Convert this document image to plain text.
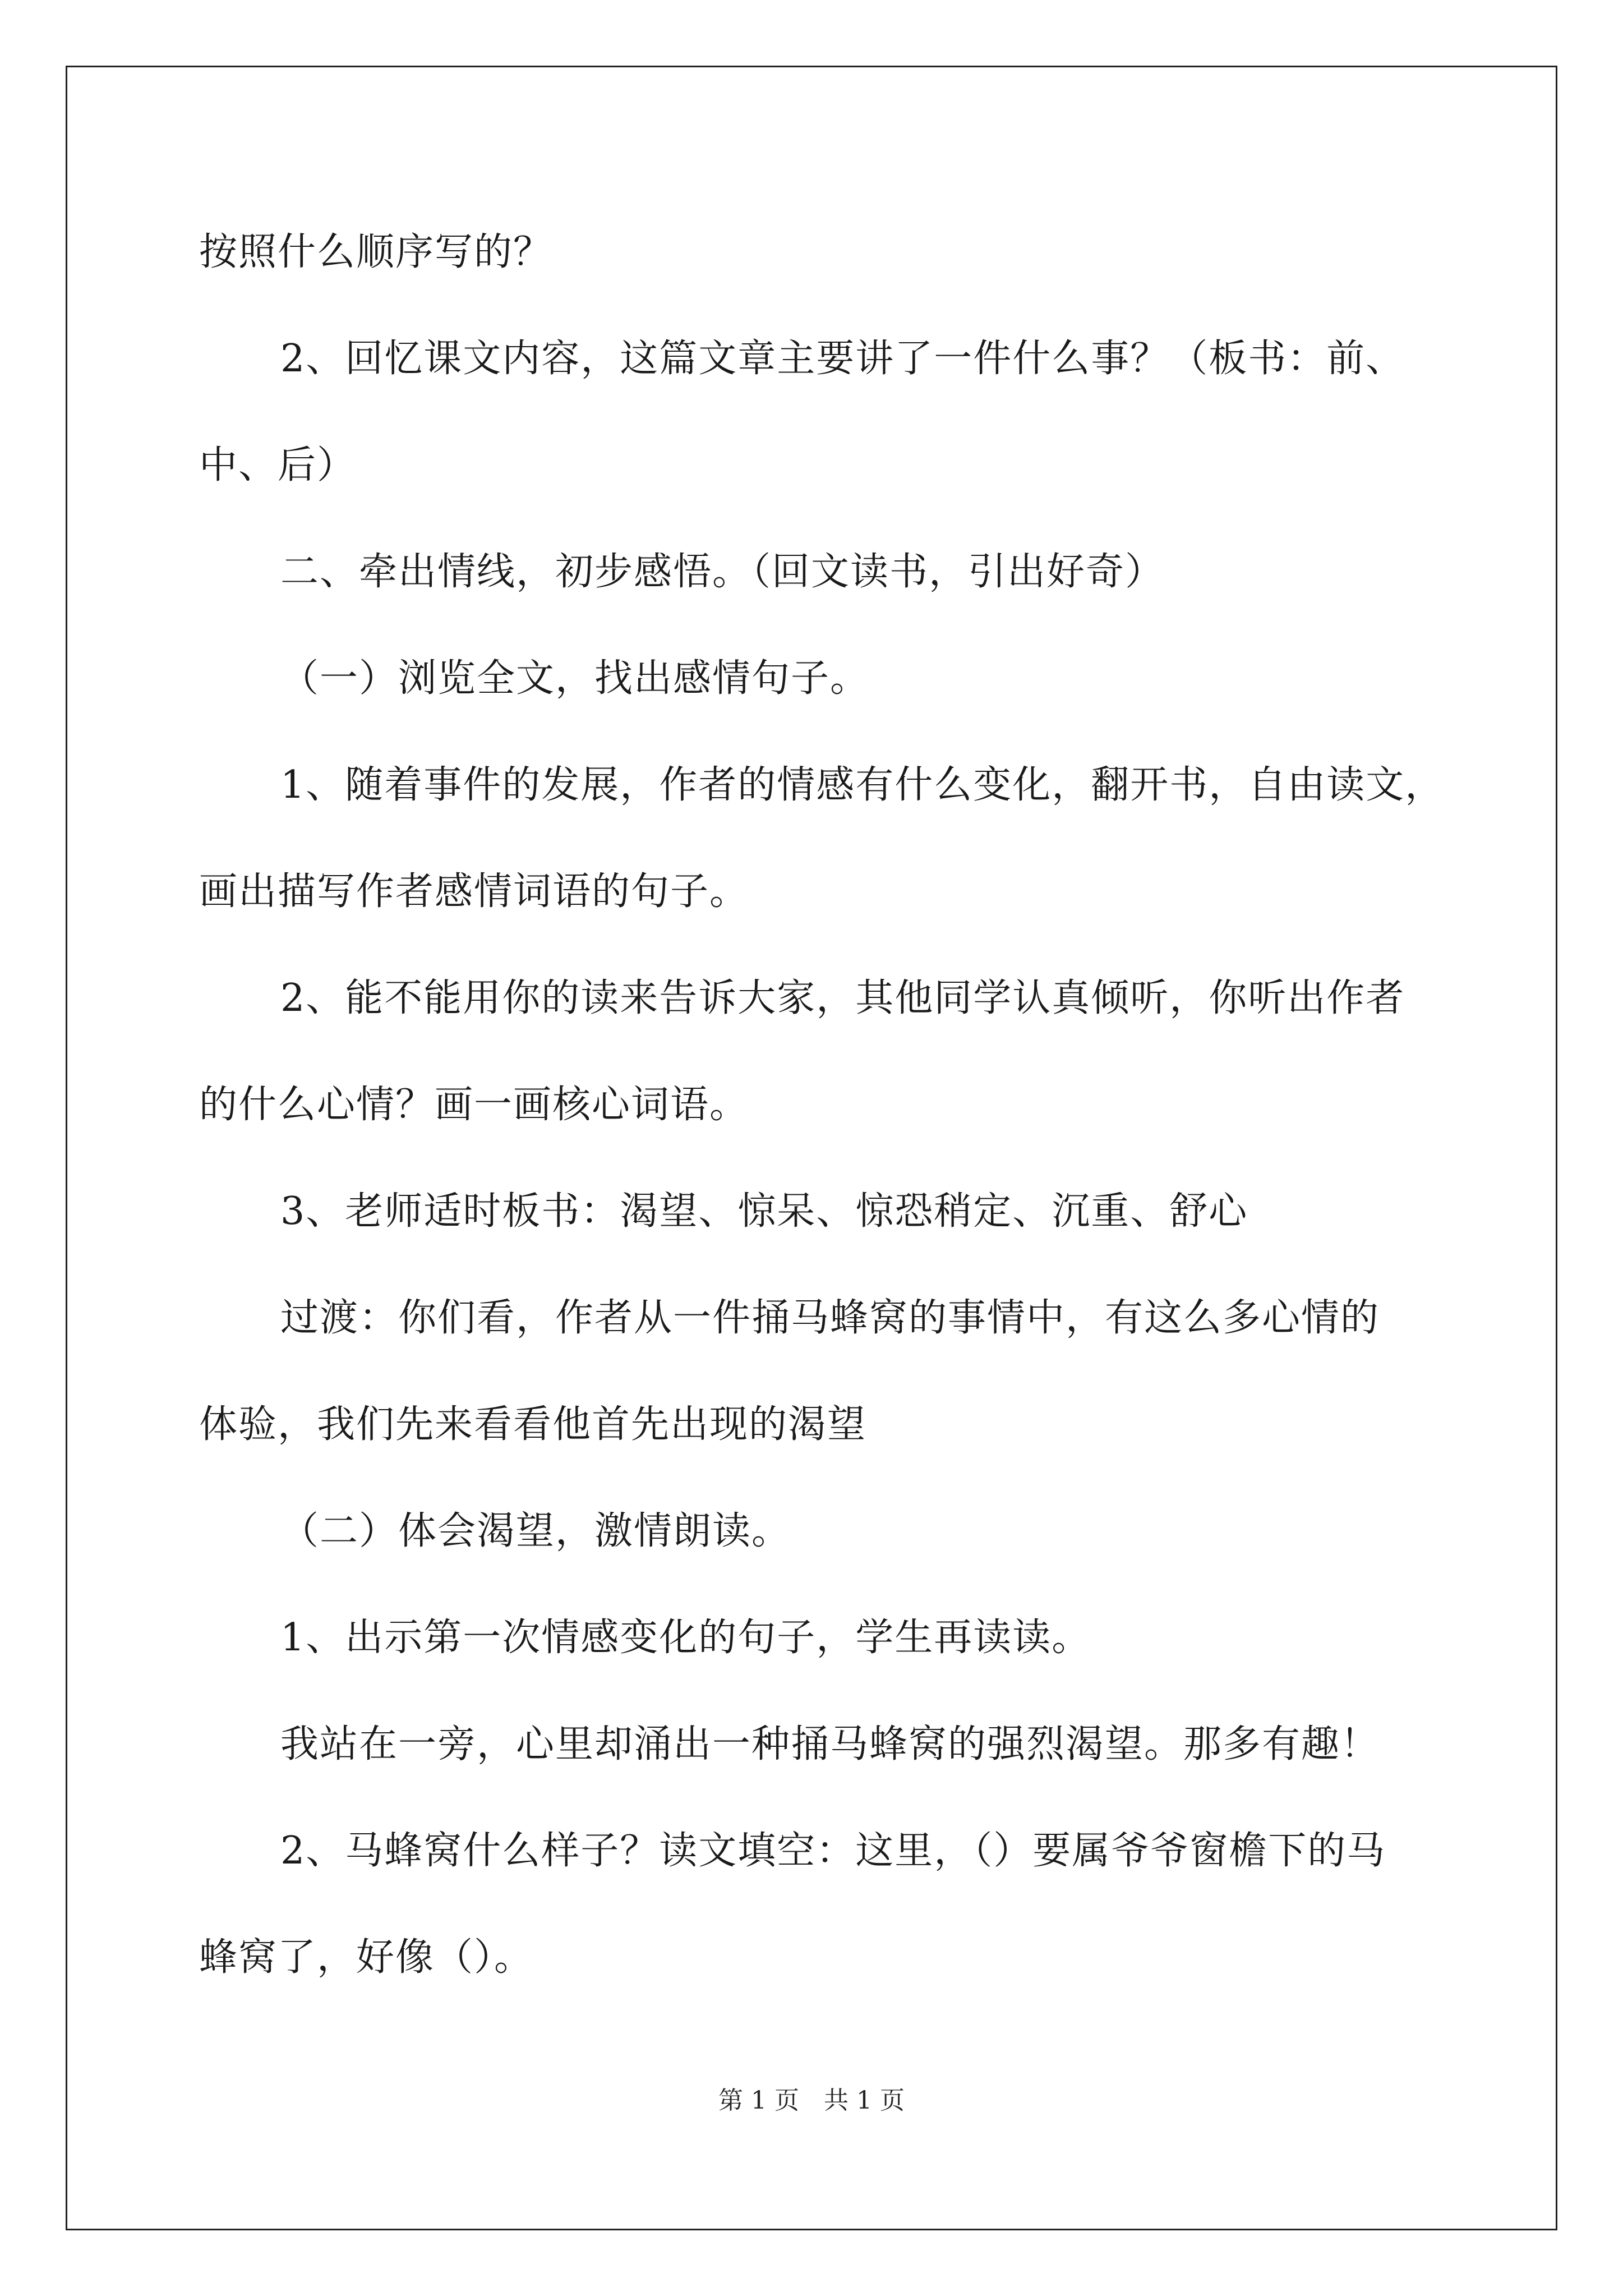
按照什么顺序写的？
2、回忆课文内容，这篇文章主要讲了一件什么事？（板书：前、
中、后）
二、牵出情线，初步感悟。（回文读书，引出好奇）
（一）浏览全文，找出感情句子。
1、随着事件的发展，作者的情感有什么变化，翻开书，自由读文，
画出描写作者感情词语的句子。
2、能不能用你的读来告诉大家，其他同学认真倾听，你听出作者
的什么心情？画一画核心词语。
3、老师适时板书：渴望、惊呆、惊恐稍定、沉重、舒心
过渡：你们看，作者从一件捅马蜂窝的事情中，有这么多心情的
体验，我们先来看看他首先出现的渴望
（二）体会渴望，激情朗读。
1、出示第一次情感变化的句子，学生再读读。
我站在一旁，心里却涌出一种捅马蜂窝的强烈渴望。那多有趣！
2、马蜂窝什么样子？读文填空：这里，（）要属爷爷窗檐下的马
蜂窝了，好像（）。
第 1 页　共 1 页
